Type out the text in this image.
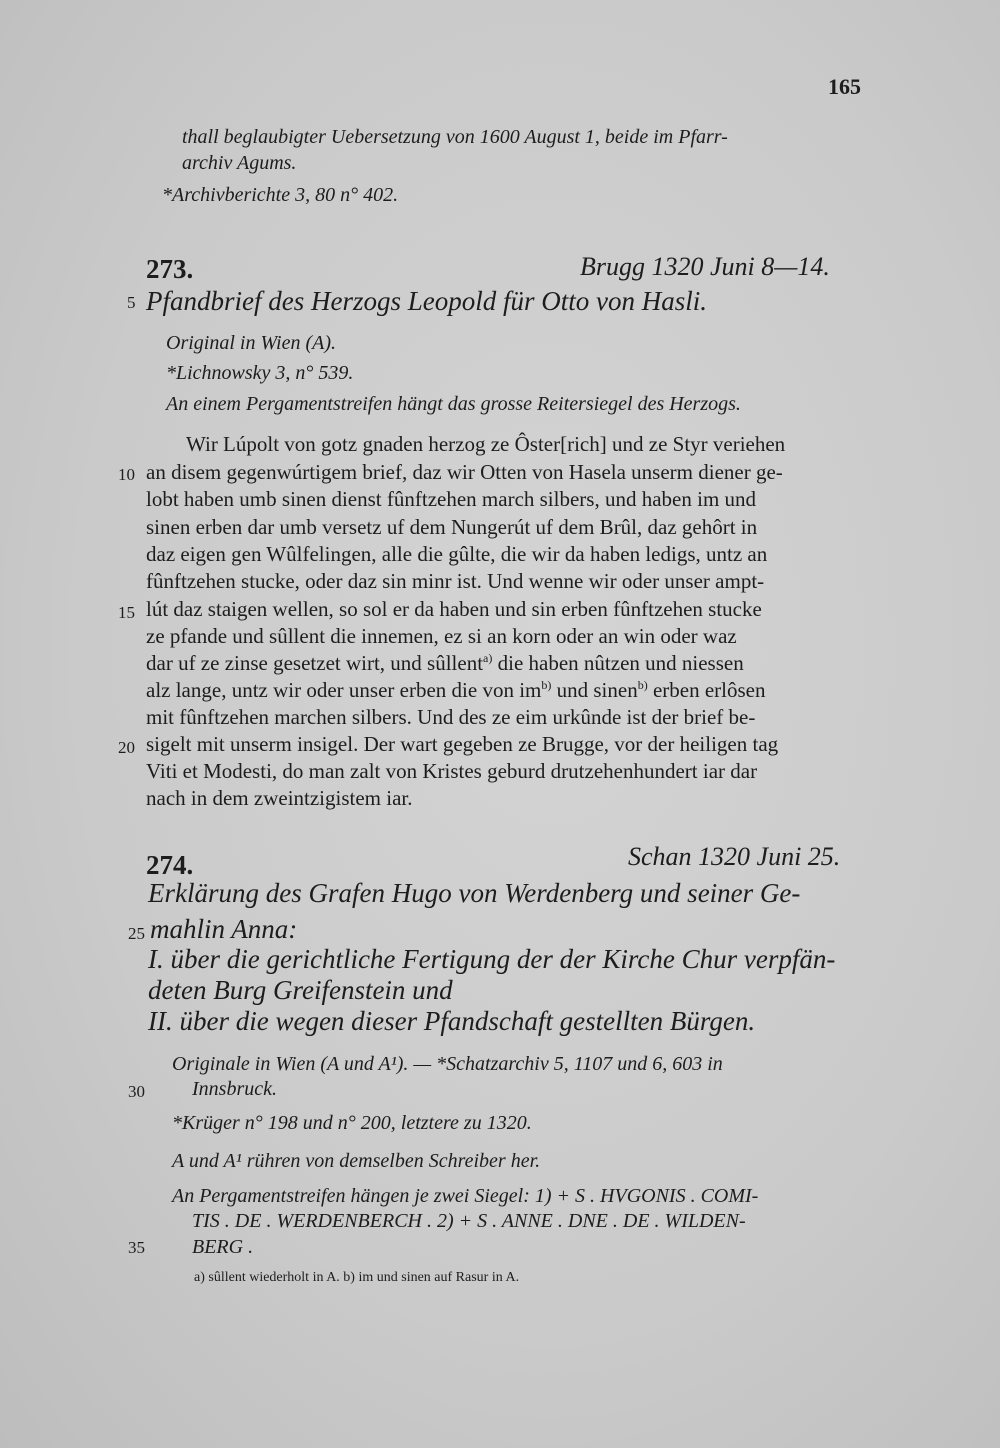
165
thall beglaubigter Uebersetzung von 1600 August 1, beide im Pfarr-
archiv Agums.
*Archivberichte 3, 80 n° 402.
273.	Brugg 1320 Juni 8—14.
5 Pfandbrief des Herzogs Leopold für Otto von Hasli.
Original in Wien (A).
*Lichnowsky 3, n° 539.
An einem Pergamentstreifen hängt das grosse Reitersiegel des Herzogs.
Wir Lúpolt von gotz gnaden herzog ze Ôster[rich] und ze Styr veriehen
10 an disem gegenwúrtigem brief, daz wir Otten von Hasela unserm diener ge-
lobt haben umb sinen dienst fûnftzehen march silbers, und haben im und
sinen erben dar umb versetz uf dem Nungerút uf dem Brûl, daz gehôrt in
daz eigen gen Wûlfelingen, alle die gûlte, die wir da haben ledigs, untz an
fûnftzehen stucke, oder daz sin minr ist. Und wenne wir oder unser ampt-
15 lút daz staigen wellen, so sol er da haben und sin erben fûnftzehen stucke
ze pfande und sûllent die innemen, ez si an korn oder an win oder waz
dar uf ze zinse gesetzet wirt, und sûllent$^{a)}$ die haben nûtzen und niessen
alz lange, untz wir oder unser erben die von $im^{b)}$ und sinen$^{b)}$ erben erlôsen
mit fûnftzehen marchen silbers. Und des ze eim urkûnde ist der brief be-
20 sigelt mit unserm insigel. Der wart gegeben ze Brugge, vor der heiligen tag
Viti et Modesti, do man zalt von Kristes geburd drutzehenhundert iar dar
nach in dem zweintzigistem iar.
274.	Schan 1320 Juni 25.
Erklärung des Grafen Hugo von Werdenberg und seiner Ge-
25 mahlin Anna:
I. über die gerichtliche Fertigung der der Kirche Chur verpfän-
deten Burg Greifenstein und
II. über die wegen dieser Pfandschaft gestellten Bürgen.
Originale in Wien (A und A¹). — *Schatzarchiv 5, 1107 und 6, 603 in
30 Innsbruck.
*Krüger n° 198 und n° 200, letztere zu 1320.
A und A¹ rühren von demselben Schreiber her.
An Pergamentstreifen hängen je zwei Siegel: 1) + S . HVGONIS . COMI-
TIS . DE . WERDENBERCH . 2) + S . ANNE . DNE . DE . WILDEN-
35 BERG .
a) sûllent wiederholt in A. b) im und sinen auf Rasur in A.
